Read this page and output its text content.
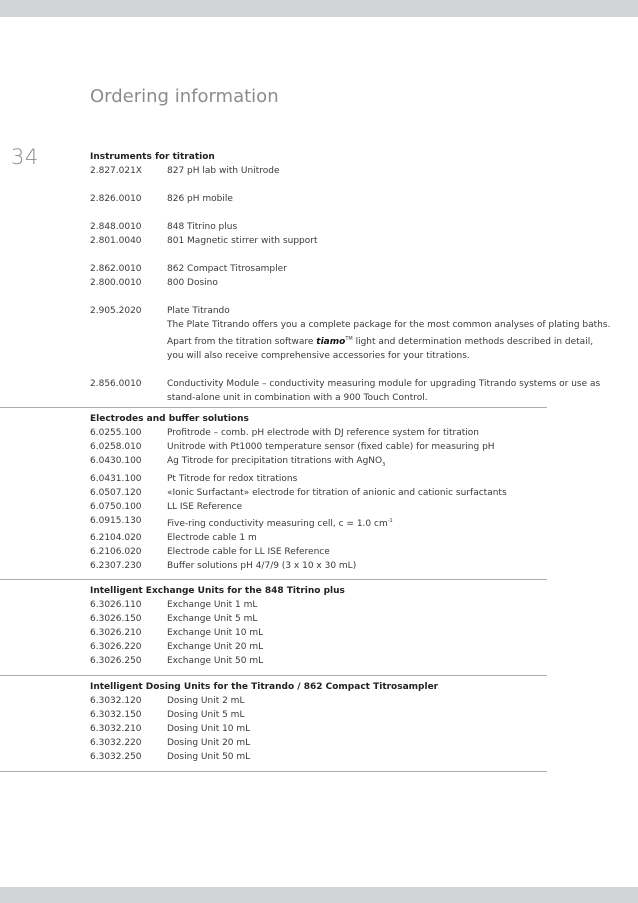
Ordering information
34	Instruments for titration
2.827.021X	827 pH lab with Unitrode
2.826.0010	826 pH mobile
2.848.0010	848 Titrino plus
2.801.0040	801 Magnetic stirrer with support
2.862.0010	862 Compact Titrosampler
2.800.0010	800 Dosino
2.905.2020	Plate Titrando
The Plate Titrando offers you a complete package for the most common analyses of plating baths.
Apart from the titration software tiamo™ light and determination methods described in detail,
you will also receive comprehensive accessories for your titrations.
2.856.0010	Conductivity Module – conductivity measuring module for upgrading Titrando systems or use as
stand-alone unit in combination with a 900 Touch Control.
Electrodes and buffer solutions
6.0255.100	Profitrode – comb. pH electrode with DJ reference system for titration
6.0258.010	Unitrode with Pt1000 temperature sensor (fixed cable) for measuring pH
6.0430.100	Ag Titrode for precipitation titrations with AgNO$_3$
6.0431.100	Pt Titrode for redox titrations
6.0507.120	«Ionic Surfactant» electrode for titration of anionic and cationic surfactants
6.0750.100	LL ISE Reference
6.0915.130	Five-ring conductivity measuring cell, c = 1.0 $cm^{-1}$
6.2104.020	Electrode cable 1 m
6.2106.020	Electrode cable for LL ISE Reference
6.2307.230	Buffer solutions pH 4/7/9 (3 x 10 x 30 mL)
Intelligent Exchange Units for the 848 Titrino plus
6.3026.110	Exchange Unit 1 mL
6.3026.150	Exchange Unit 5 mL
6.3026.210	Exchange Unit 10 mL
6.3026.220	Exchange Unit 20 mL
6.3026.250	Exchange Unit 50 mL
Intelligent Dosing Units for the Titrando / 862 Compact Titrosampler
6.3032.120	Dosing Unit 2 mL
6.3032.150	Dosing Unit 5 mL
6.3032.210	Dosing Unit 10 mL
6.3032.220	Dosing Unit 20 mL
6.3032.250	Dosing Unit 50 mL
